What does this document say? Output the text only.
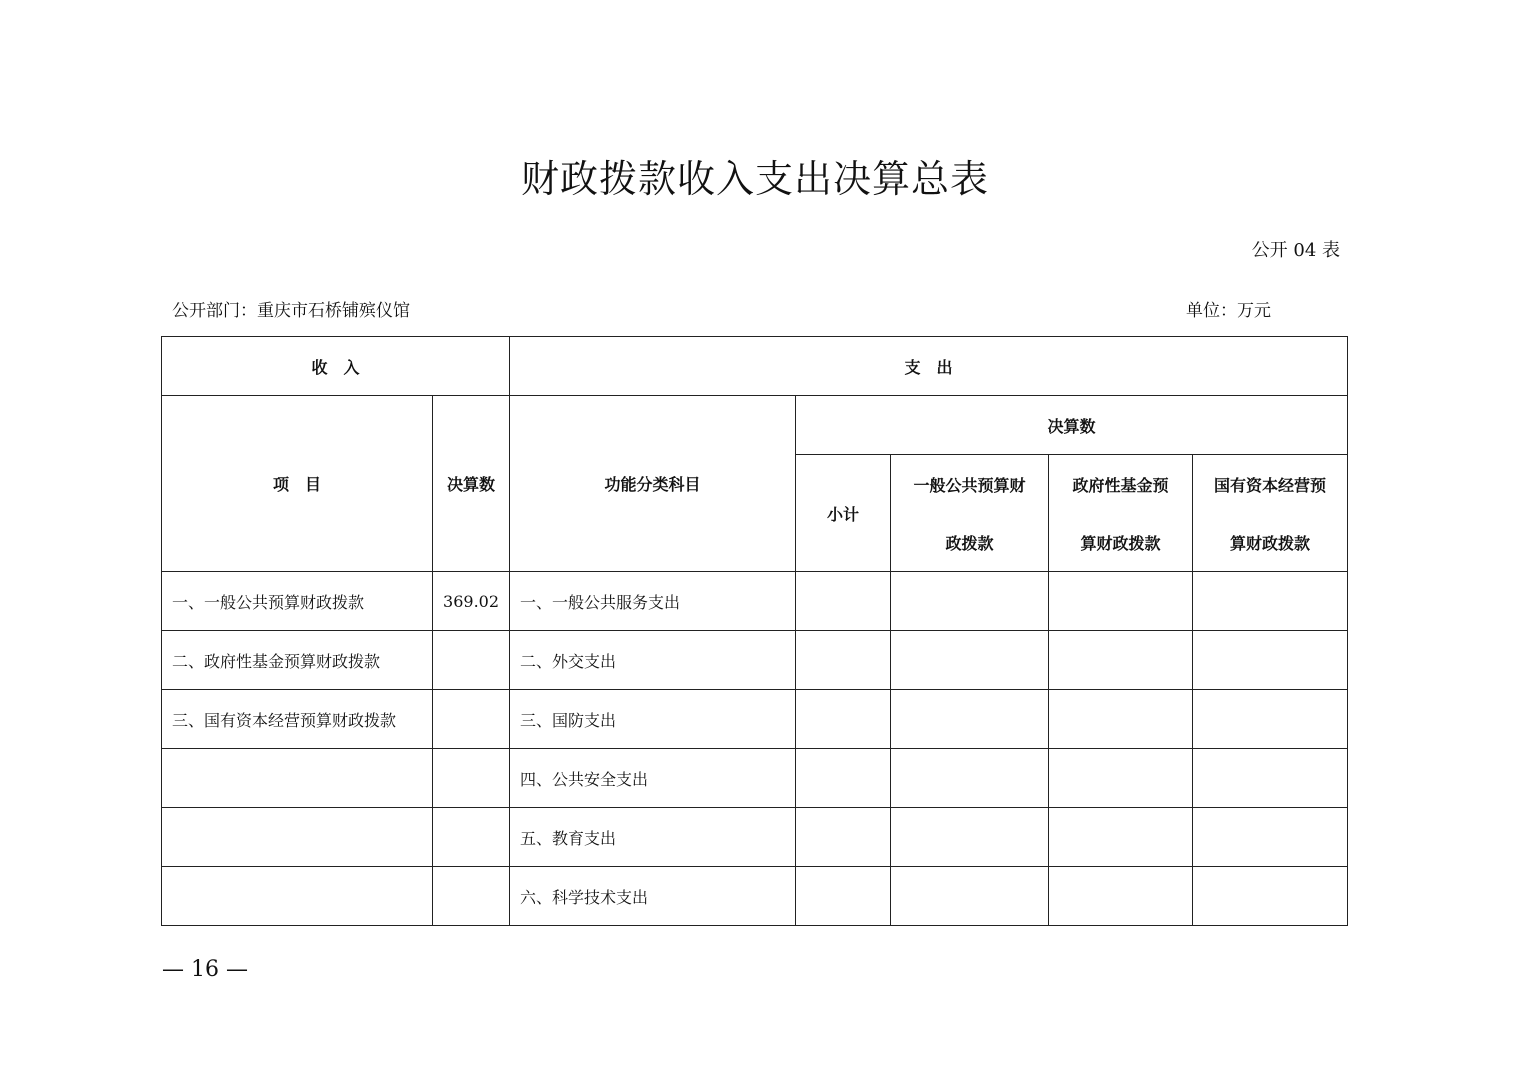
财政拨款收入支出决算总表
公开 04 表
公开部门：重庆市石桥铺殡仪馆	单位：万元
收　入		支　出				
项　目	决算数	功能分类科目	决算数			
			小计	一般公共预算财	政府性基金预	国有资本经营预
				政拨款	算财政拨款	算财政拨款
一、一般公共预算财政拨款	369.02	一、一般公共服务支出				
二、政府性基金预算财政拨款		二、外交支出				
三、国有资本经营预算财政拨款		三、国防支出				
		四、公共安全支出				
		五、教育支出				
		六、科学技术支出				
— 16 —
